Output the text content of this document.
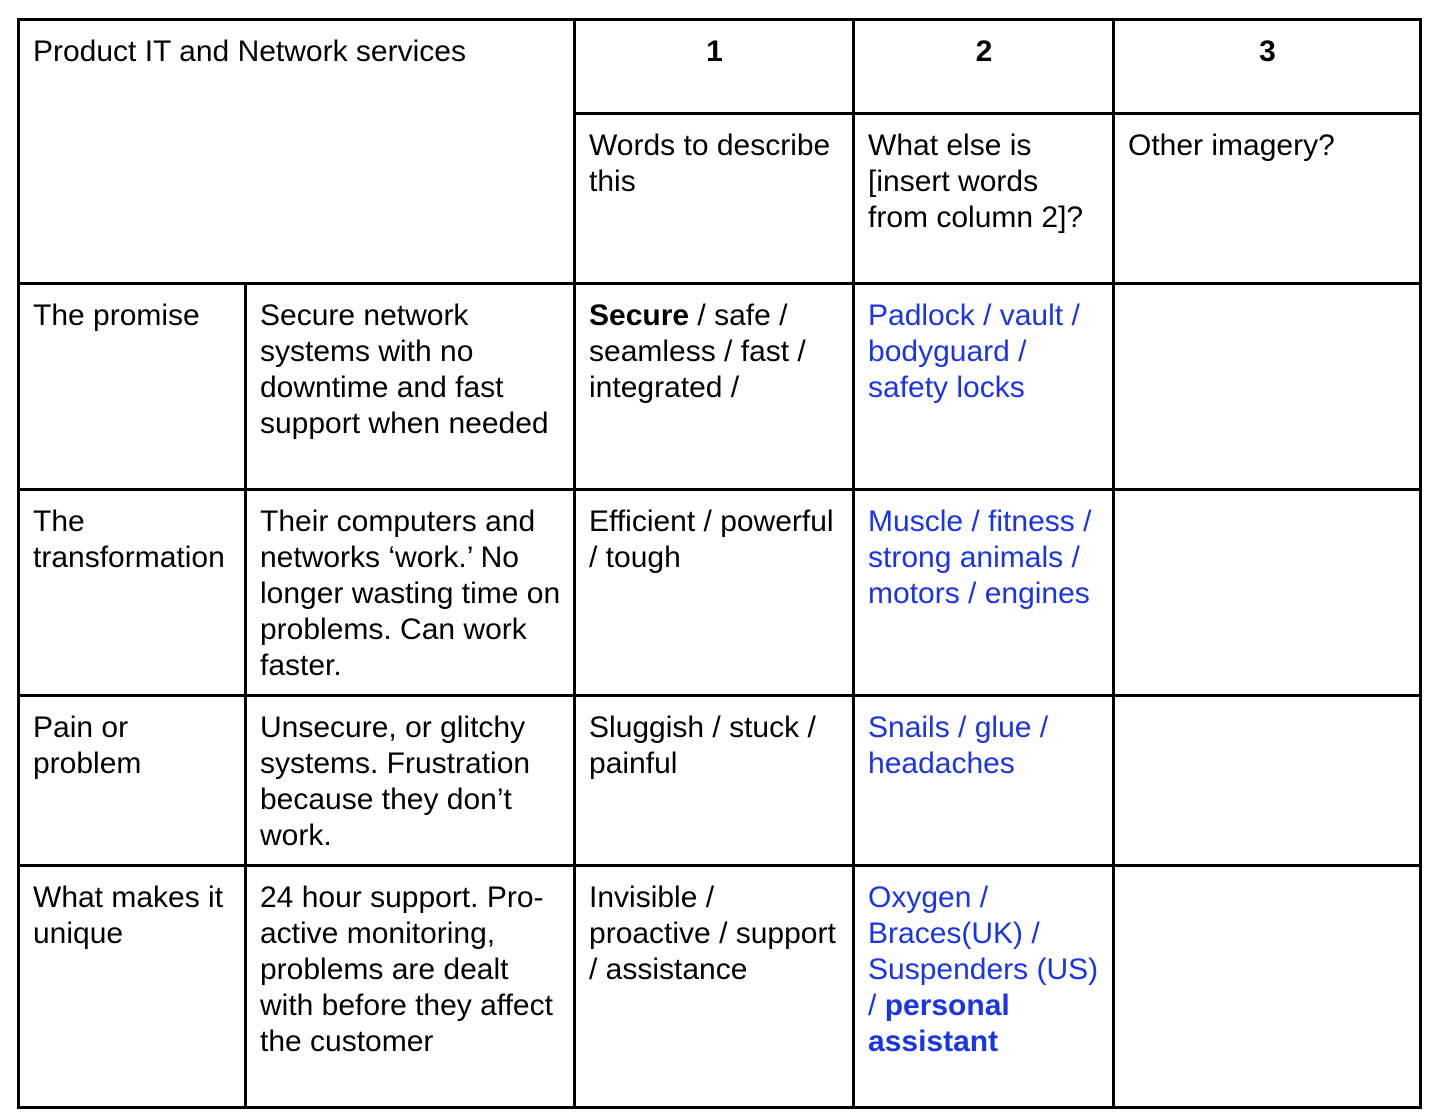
Product IT and Network services		1	2	3
		Words to describe this	What else is [insert words from column 2]?	Other imagery?
The promise	Secure network systems with no downtime and fast support when needed	Secure / safe / seamless / fast / integrated /	Padlock / vault / bodyguard / safety locks	
The transformation	Their computers and networks ‘work.’ No longer wasting time on problems. Can work faster.	Efficient / powerful / tough	Muscle / fitness / strong animals / motors / engines	
Pain or problem	Unsecure, or glitchy systems. Frustration because they don’t work.	Sluggish / stuck / painful	Snails / glue / headaches	
What makes it unique	24 hour support. Pro-active monitoring, problems are dealt with before they affect the customer	Invisible / proactive / support / assistance	Oxygen / Braces(UK) / Suspenders (US) / personal assistant	
